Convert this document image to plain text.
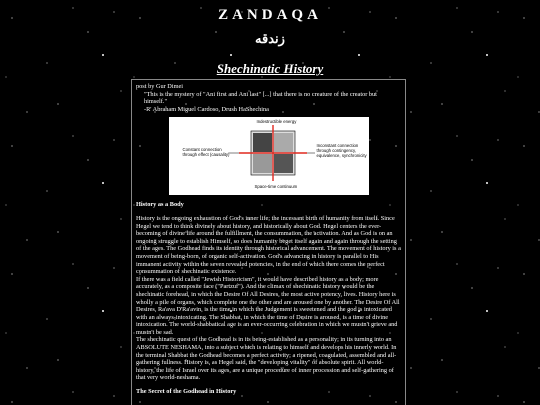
ZANDAQA
زندقه
Shechinatic History

post by Gur Dimei

"This is the mystery of "Ani first and Ani last" [...] that there is no creature of the creator but himself."

-R' Abraham Miguel Cardoso, Drush HaShechina

Indestructible energy
Constant connection
through effect (causality)
Inconstant connection
through contingency,
equivalence, synchronicity
Space-time continuum
History as a Body

History is the ongoing exhaustion of God's inner life; the incessant birth of humanity from itself. Since Hegel we tend to think divinely about history, and historically about God. Hegel centers the ever-becoming of divine life around the fulfillment, the consummation, the activation. And as God is on an ongoing struggle to establish Himself, so does humanity beget itself again and again through the setting of the ages. The Godhead finds its identity through historical advancement. The movement of history is a movement of being-born, of organic self-activation. God's advancing in history is parallel to His immanent activity within the seven revealed potencies, in the end of which there comes the perfect consummation of shechinatic existence.

If there was a field called "Jewish Historicism", it would have described history as a body; more accurately, as a composite face ("Partzuf"). And the climax of shechinatic history would be the shechinatic forehead, in which the Desire Of All Desires, the most active potency, lives. History here is wholly a pile of organs, which complete one the other and are aroused one by another. The Desire Of All Desires, Ra'ava D'Ra'avin, is the time in which the Judgement is sweetened and the god is intoxicated with an always-intoxicating. The Shabbat, in which the time of Desire is aroused, is a time of divine intoxication. The world-shabbatical age is an ever-occurring celebration in which we mustn't grieve and mustn't be sad.

The shechinatic quest of the Godhead is in its being-established as a personality; in its turning into an ABSOLUTE NESHAMA, into a subject which is relating to himself and develops his innerly world. In the terminal Shabbat the Godhead becomes a perfect activity; a ripened, coagulated, assembled and all-gathering fullness. History is, as Hegel said, the "developing vitality" of absolute spirit. All world-history, the life of Israel over its ages, are a unique procedure of inner procession and self-gathering of that very world-neshama.

The Secret of the Godhead in History
